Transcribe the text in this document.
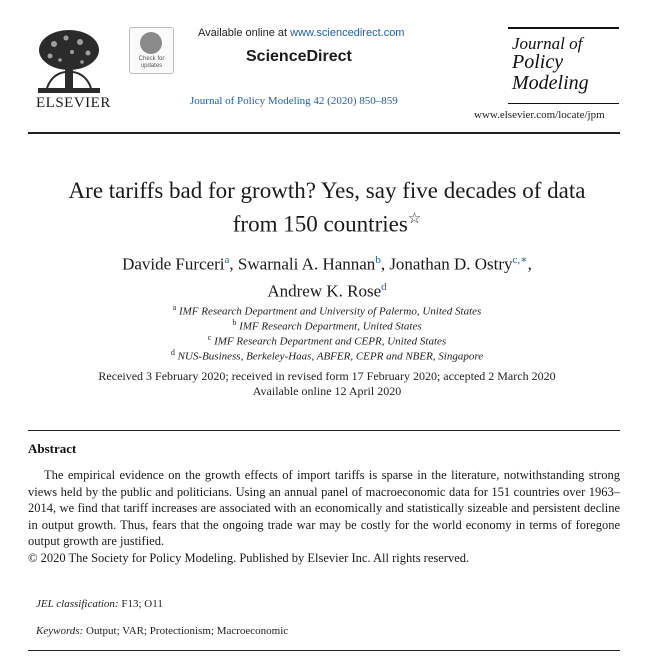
ELSEVIER
Check for
updates
Available online at www.sciencedirect.com
ScienceDirect
Journal of Policy Modeling 42 (2020) 850–859
Journal of
Policy
Modeling
www.elsevier.com/locate/jpm
Are tariffs bad for growth? Yes, say five decades of data
from 150 countries☆
Davide Furceri$^a$, Swarnali A. Hannan$^b$, Jonathan D. Ostry$^{c,∗}$,
Andrew K. Rose$^d$
$^a$ IMF Research Department and University of Palermo, United States
$^b$ IMF Research Department, United States
$^c$ IMF Research Department and CEPR, United States
$^d$ NUS-Business, Berkeley-Haas, ABFER, CEPR and NBER, Singapore
Received 3 February 2020; received in revised form 17 February 2020; accepted 2 March 2020
Available online 12 April 2020
Abstract
The empirical evidence on the growth effects of import tariffs is sparse in the literature, notwithstanding strong views held by the public and politicians. Using an annual panel of macroeconomic data for 151 countries over 1963–2014, we find that tariff increases are associated with an economically and statistically sizeable and persistent decline in output growth. Thus, fears that the ongoing trade war may be costly for the world economy in terms of foregone output growth are justified.
© 2020 The Society for Policy Modeling. Published by Elsevier Inc. All rights reserved.
JEL classification: F13; O11
Keywords: Output; VAR; Protectionism; Macroeconomic
